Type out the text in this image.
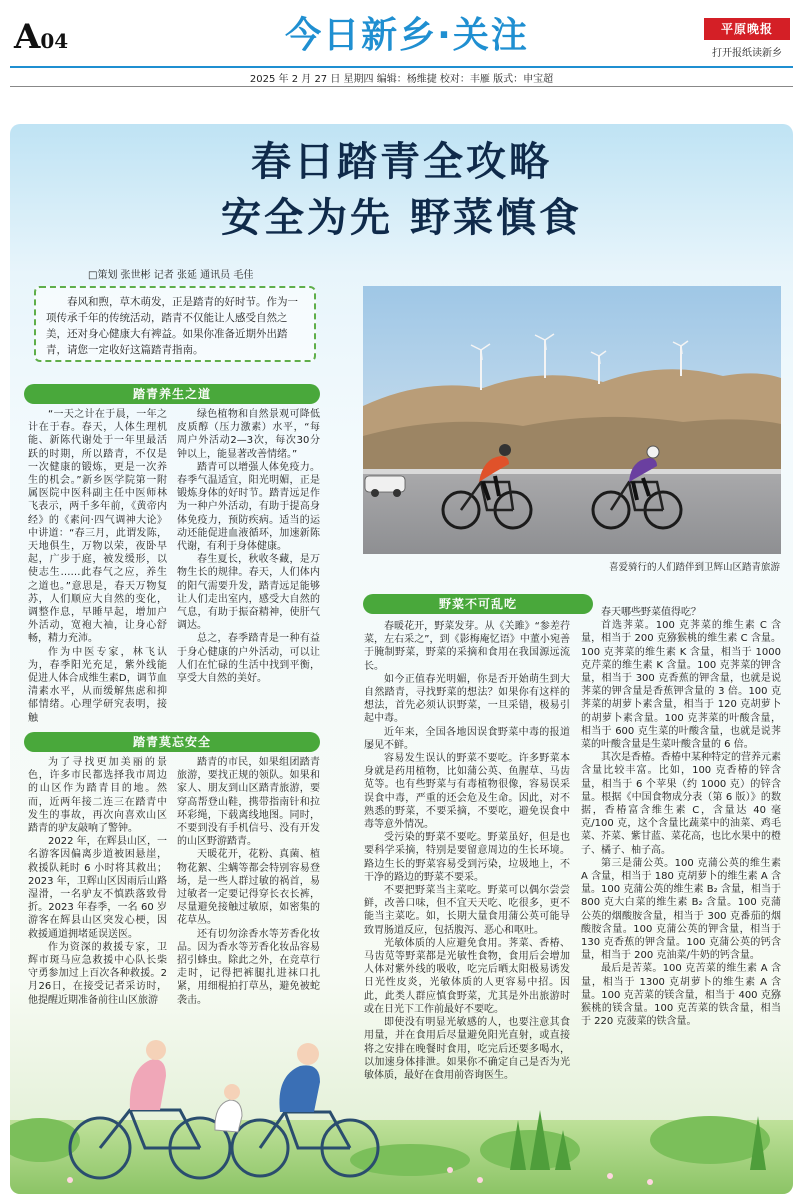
A04	今日新乡·关注	平原晚报
打开报纸读新乡
2025 年 2 月 27 日 星期四 编辑：杨维捷 校对：丰雁 版式：申宝超
春日踏青全攻略
安全为先 野菜慎食
□策划 张世彬 记者 张延 通讯员 毛佳
春风和煦，草木萌发，正是踏青的好时节。作为一项传承千年的传统活动，踏青不仅能让人感受自然之美，还对身心健康大有裨益。如果你准备近期外出踏青，请您一定收好这篇踏青指南。
喜爱骑行的人们踏伴到卫辉山区踏青旅游
踏青养生之道

“一天之计在于晨，一年之计在于春。春天，人体生理机能、新陈代谢处于一年里最活跃的时期，所以踏青，不仅是一次健康的锻炼，更是一次养生的机会。”新乡医学院第一附属医院中医科副主任中医师林飞表示，两千多年前，《黄帝内经》的《素问·四气调神大论》中讲道：“春三月，此谓发陈，天地俱生，万物以荣，夜卧早起，广步于庭，被发缓形，以使志生……此春气之应，养生之道也。”意思是，春天万物复苏，人们顺应大自然的变化，调整作息，早睡早起，增加户外活动，宽袍大袖，让身心舒畅，精力充沛。

作为中医专家，林飞认为，春季阳光充足，紫外线能促进人体合成维生素D，调节血清素水平，从而缓解焦虑和抑郁情绪。心理学研究表明，接触

绿色植物和自然景观可降低皮质醇（压力激素）水平，“每周户外活动2—3次，每次30分钟以上，能显著改善情绪。”

踏青可以增强人体免疫力。春季气温适宜，阳光明媚，正是锻炼身体的好时节。踏青远足作为一种户外活动，有助于提高身体免疫力，预防疾病。适当的运动还能促进血液循环，加速新陈代谢，有利于身体健康。

春生夏长，秋收冬藏，是万物生长的规律。春天，人们体内的阳气需要升发，踏青远足能够让人们走出室内，感受大自然的气息，有助于振奋精神，使肝气调达。

总之，春季踏青是一种有益于身心健康的户外活动，可以让人们在忙碌的生活中找到平衡，享受大自然的美好。

踏青莫忘安全

为了寻找更加美丽的景色，许多市民都选择我市周边的山区作为踏青目的地。然而，近两年接二连三在踏青中发生的事故，再次向喜欢山区踏青的驴友敲响了警钟。

2022 年，在辉县山区，一名游客因偏离步道被困悬崖，救援队耗时 6 小时将其救出；2023 年，卫辉山区因雨后山路湿滑，一名驴友不慎跌落致骨折。2023 年春季，一名 60 岁游客在辉县山区突发心梗，因救援通道拥堵延误送医。

作为资深的救援专家，卫辉市斑马应急救援中心队长柴守勇参加过上百次各种救援。2月26日，在接受记者采访时，他提醒近期准备前往山区旅游

踏青的市民，如果组团踏青旅游，要找正规的领队。如果和家人、朋友到山区踏青旅游，要穿高帮登山鞋，携带指南针和拉环彩绳，下载离线地图。同时，不要到没有手机信号、没有开发的山区野游踏青。

天暖花开，花粉、真菌、植物花絮、尘螨等都会特别容易登场，是一些人群过敏的祸首，易过敏者一定要记得穿长衣长裤，尽量避免接触过敏原，如密集的花草丛。

还有切勿涂香水等芳香化妆品。因为香水等芳香化妆品容易招引蜂虫。除此之外，在竞草行走时，记得把裤腿扎进袜口扎紧，用细棍拍打草丛，避免被蛇袭击。

野菜不可乱吃

春暖花开，野菜发芽。从《关雎》“参差荇菜，左右采之”，到《影梅庵忆语》中董小宛善于腌制野菜，野菜的采摘和食用在我国源远流长。

如今正值春光明媚，你是否开始萌生到大自然踏青，寻找野菜的想法？如果你有这样的想法，首先必须认识野菜，一旦采错，极易引起中毒。

近年来，全国各地因误食野菜中毒的报道屡见不鲜。

容易发生误认的野菜不要吃。许多野菜本身就是药用植物，比如蒲公英、鱼腥草、马齿苋等。也有些野菜与有毒植物很像，容易误采误食中毒，严重的还会危及生命。因此，对不熟悉的野菜，不要采摘，不要吃，避免误食中毒等意外情况。

受污染的野菜不要吃。野菜虽好，但是也要科学采摘，特别是要留意周边的生长环境。路边生长的野菜容易受到污染，垃圾地上，不干净的路边的野菜不要采。

不要把野菜当主菜吃。野菜可以偶尔尝尝鲜，改善口味，但不宜天天吃、吃很多，更不能当主菜吃。如，长期大量食用蒲公英可能导致胃肠道反应，包括腹泻、恶心和呕吐。

光敏体质的人应避免食用。荠菜、香椿、马齿苋等野菜都是光敏性食物，食用后会增加人体对紫外线的吸收，吃完后晒太阳极易诱发日光性皮炎，光敏体质的人更容易中招。因此，此类人群应慎食野菜，尤其是外出旅游时或在日光下工作前最好不要吃。

即使没有明显光敏感的人，也要注意其食用量，并在食用后尽量避免阳光直射，或直接将之安排在晚餐时食用，吃完后还要多喝水，以加速身体排泄。如果你不确定自己是否为光敏体质，最好在食用前咨询医生。

春天哪些野菜值得吃？

首选荠菜。100 克荠菜的维生素 C 含量，相当于 200 克猕猴桃的维生素 C 含量。100 克荠菜的维生素 K 含量，相当于 1000 克芹菜的维生素 K 含量。100 克荠菜的钾含量，相当于 300 克香蕉的钾含量，也就是说荠菜的钾含量是香蕉钾含量的 3 倍。100 克荠菜的胡萝卜素含量，相当于 120 克胡萝卜的胡萝卜素含量。100 克荠菜的叶酸含量，相当于 600 克生菜的叶酸含量，也就是说荠菜的叶酸含量是生菜叶酸含量的 6 倍。

其次是香椿。香椿中某种特定的营养元素含量比较丰富。比如，100 克香椿的锌含量，相当于 6 个苹果（约 1000 克）的锌含量。根据《中国食物成分表（第 6 版）》的数据，香椿富含维生素 C，含量达 40 毫克/100 克，这个含量比蔬菜中的油菜、鸡毛菜、芥菜、紫甘蓝、菜花高，也比水果中的橙子、橘子、柚子高。

第三是蒲公英。100 克蒲公英的维生素 A 含量，相当于 180 克胡萝卜的维生素 A 含量。100 克蒲公英的维生素 B₂ 含量，相当于 800 克大白菜的维生素 B₂ 含量。100 克蒲公英的烟酸胺含量，相当于 300 克番茄的烟酸胺含量。100 克蒲公英的钾含量，相当于 130 克香蕉的钾含量。100 克蒲公英的钙含量，相当于 200 克油菜/牛奶的钙含量。

最后是苦菜。100 克苦菜的维生素 A 含量，相当于 1300 克胡萝卜的维生素 A 含量。100 克苦菜的镁含量，相当于 400 克猕猴桃的镁含量。100 克苦菜的铁含量，相当于 220 克菠菜的铁含量。
